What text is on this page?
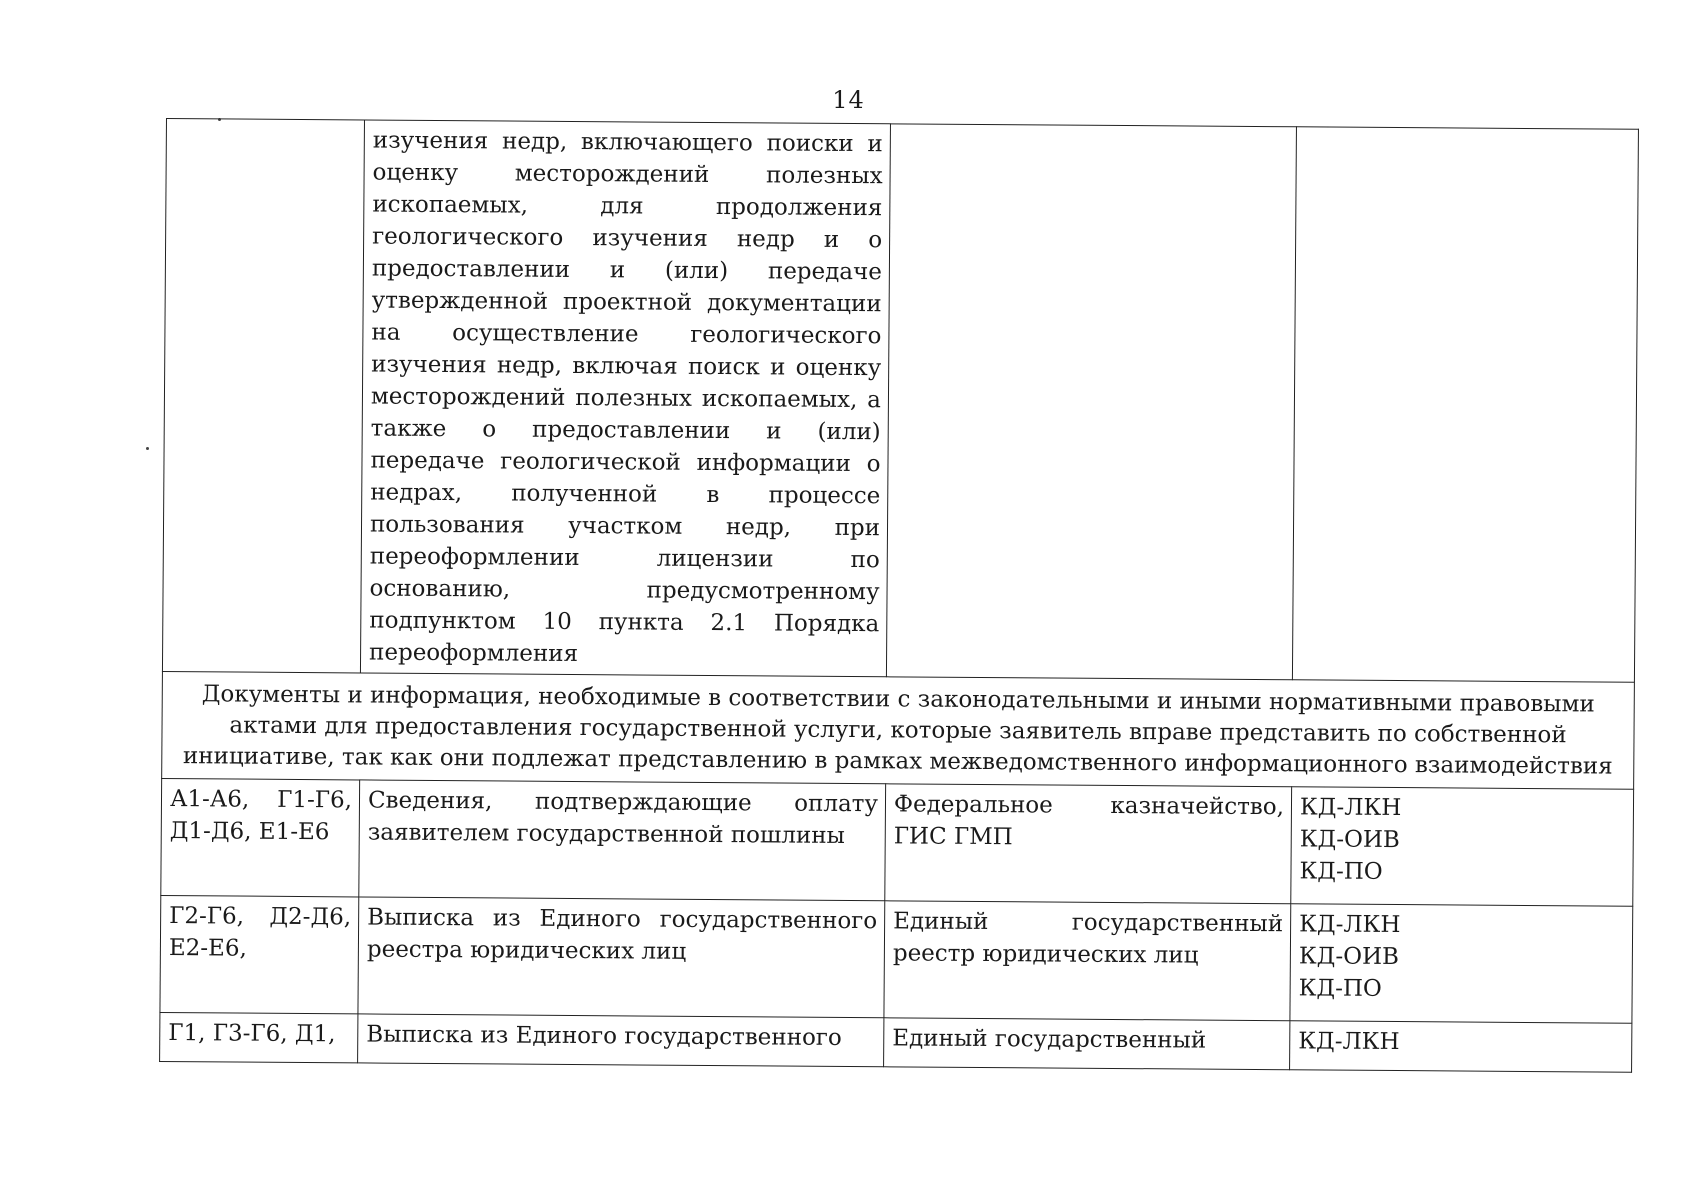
14
	изучения недр, включающего поиски и оценку месторождений полезных ископаемых, для продолжения геологического изучения недр и о предоставлении и (или) передаче утвержденной проектной документации на осуществление геологического изучения недр, включая поиск и оценку месторождений полезных ископаемых, а также о предоставлении и (или) передаче геологической информации о недрах, полученной в процессе пользования участком недр, при переоформлении лицензии по основанию, предусмотренному подпунктом 10 пункта 2.1 Порядка переоформления		
Документы и информация, необходимые в соответствии с законодательными и иными нормативными правовыми актами для предоставления государственной услуги, которые заявитель вправе представить по собственной инициативе, так как они подлежат представлению в рамках межведомственного информационного взаимодействия			
А1-А6, Г1-Г6, Д1-Д6, Е1-Е6	Сведения, подтверждающие оплату заявителем государственной пошлины	Федеральное казначейство, ГИС ГМП	КД-ЛКН
КД-ОИВ
КД-ПО

Г2-Г6, Д2-Д6, Е2-Е6,	Выписка из Единого государственного реестра юридических лиц	Единый государственный реестр юридических лиц	КД-ЛКН
КД-ОИВ
КД-ПО

Г1, Г3-Г6, Д1,	Выписка из Единого государственного	Единый государственный	КД-ЛКН
